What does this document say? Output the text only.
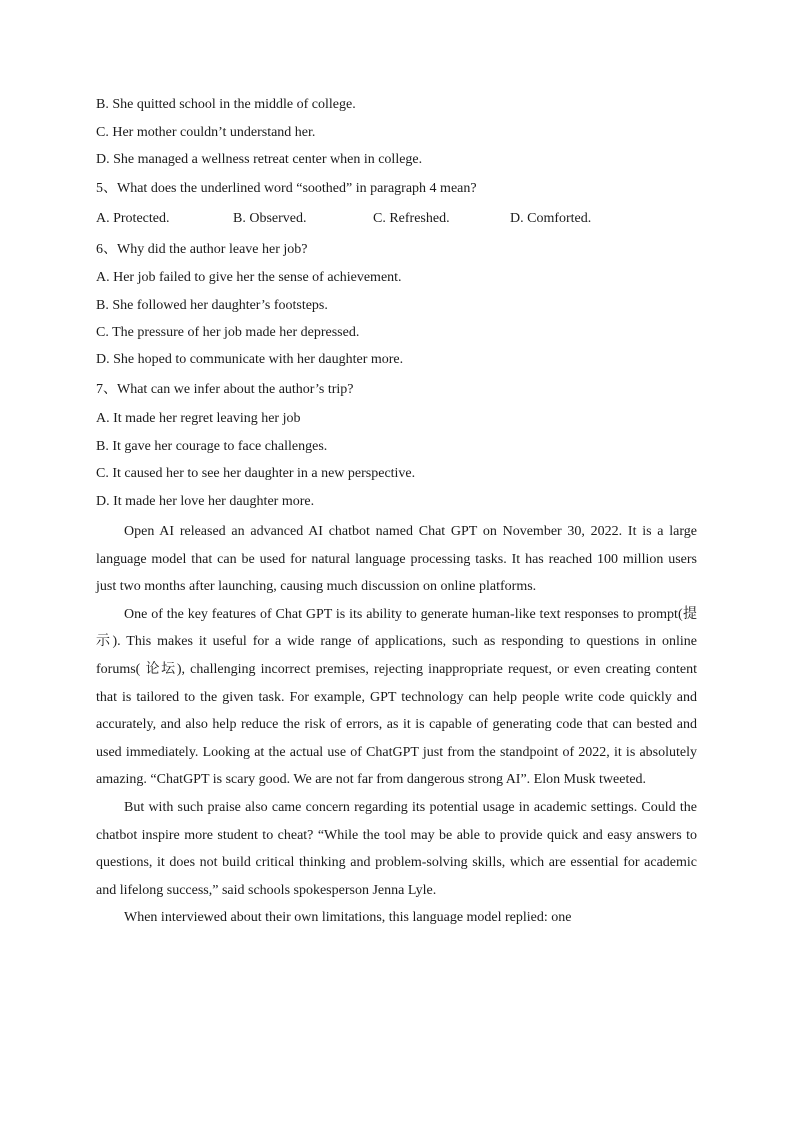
B. She quitted school in the middle of college.
C. Her mother couldn’t understand her.
D. She managed a wellness retreat center when in college.
5、What does the underlined word “soothed” in paragraph 4 mean?
A. Protected.	B. Observed.	C. Refreshed.	D. Comforted.
6、Why did the author leave her job?
A. Her job failed to give her the sense of achievement.
B. She followed her daughter’s footsteps.
C. The pressure of her job made her depressed.
D. She hoped to communicate with her daughter more.
7、What can we infer about the author’s trip?
A. It made her regret leaving her job
B. It gave her courage to face challenges.
C. It caused her to see her daughter in a new perspective.
D. It made her love her daughter more.

Open AI released an advanced AI chatbot named Chat GPT on November 30, 2022. It is a large language model that can be used for natural language processing tasks. It has reached 100 million users just two months after launching, causing much discussion on online platforms.

One of the key features of Chat GPT is its ability to generate human-like text responses to prompt(提示). This makes it useful for a wide range of applications, such as responding to questions in online forums( 论坛), challenging incorrect premises, rejecting inappropriate request, or even creating content that is tailored to the given task. For example, GPT technology can help people write code quickly and accurately, and also help reduce the risk of errors, as it is capable of generating code that can bested and used immediately. Looking at the actual use of ChatGPT just from the standpoint of 2022, it is absolutely amazing. “ChatGPT is scary good. We are not far from dangerous strong AI”. Elon Musk tweeted.

But with such praise also came concern regarding its potential usage in academic settings. Could the chatbot inspire more student to cheat? “While the tool may be able to provide quick and easy answers to questions, it does not build critical thinking and problem-solving skills, which are essential for academic and lifelong success,” said schools spokesperson Jenna Lyle.

When interviewed about their own limitations, this language model replied: one
